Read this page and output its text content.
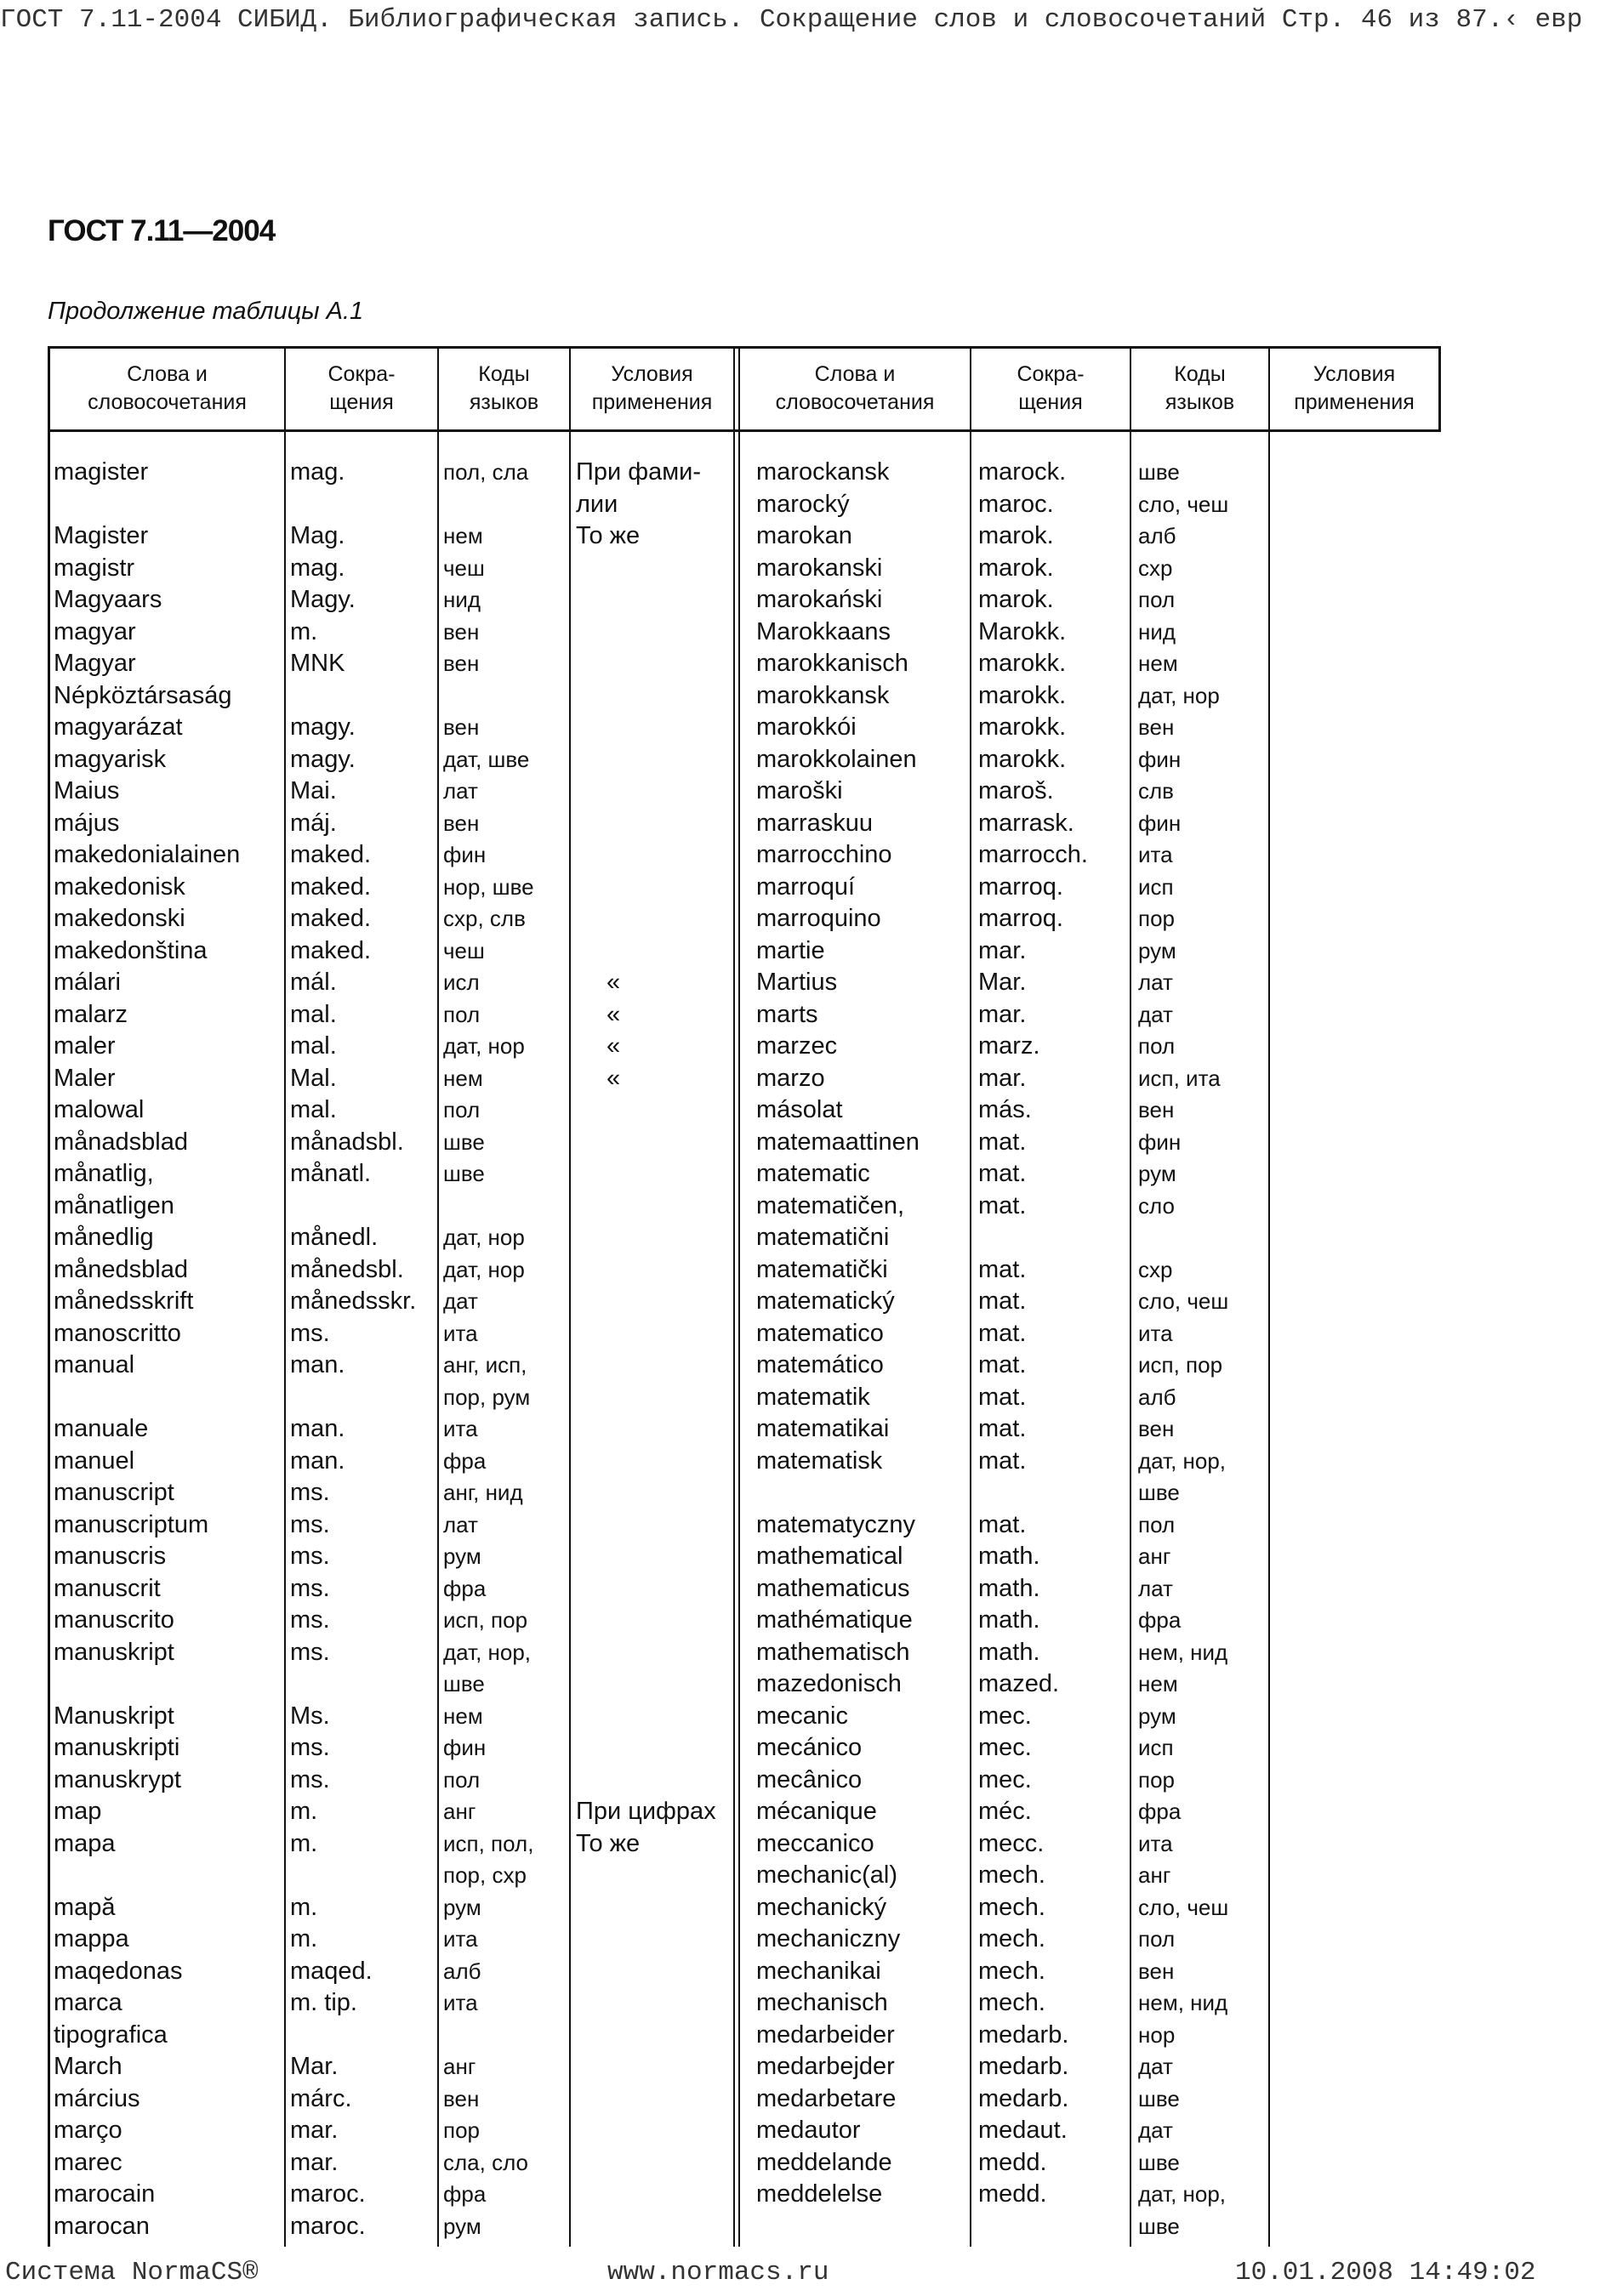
ГОСТ 7.11-2004 СИБИД. Библиографическая запись. Сокращение слов и словосочетаний Стр. 46 из 87.‹ евр
ГОСТ 7.11—2004
Продолжение таблицы А.1
Слова и
словосочетания
Сокра-
щения
Коды
языков
Условия
применения
Слова и
словосочетания
Сокра-
щения
Коды
языков
Условия
применения
magister
Magister
magistr
Magyaars
magyar
Magyar
Népköztársaság
magyarázat
magyarisk
Maius
május
makedonialainen
makedonisk
makedonski
makedonština
málari
malarz
maler
Maler
malowal
månadsblad
månatlig,
månatligen
månedlig
månedsblad
månedsskrift
manoscritto
manual
manuale
manuel
manuscript
manuscriptum
manuscris
manuscrit
manuscrito
manuskript
Manuskript
manuskripti
manuskrypt
map
mapa
mapă
mappa
maqedonas
marca
tipografica
March
március
março
marec
marocain
marocan
mag.
Mag.
mag.
Magy.
m.
MNK
magy.
magy.
Mai.
máj.
maked.
maked.
maked.
maked.
mál.
mal.
mal.
Mal.
mal.
månadsbl.
månatl.
månedl.
månedsbl.
månedsskr.
ms.
man.
man.
man.
ms.
ms.
ms.
ms.
ms.
ms.
Ms.
ms.
ms.
m.
m.
m.
m.
maqed.
m. tip.
Mar.
márc.
mar.
mar.
maroc.
maroc.
пол, сла
нем
чеш
нид
вен
вен
вен
дат, шве
лат
вен
фин
нор, шве
схр, слв
чеш
исл
пол
дат, нор
нем
пол
шве
шве
дат, нор
дат, нор
дат
ита
анг, исп,
пор, рум
ита
фра
анг, нид
лат
рум
фра
исп, пор
дат, нор,
шве
нем
фин
пол
анг
исп, пол,
пор, схр
рум
ита
алб
ита
анг
вен
пор
сла, сло
фра
рум
При фами-
лии
То же
«
«
«
«
При цифрах
То же
marockansk
marocký
marokan
marokanski
marokański
Marokkaans
marokkanisch
marokkansk
marokkói
marokkolainen
maroški
marraskuu
marrocchino
marroquí
marroquino
martie
Martius
marts
marzec
marzo
másolat
matemaattinen
matematic
matematičen,
matematični
matematički
matematický
matematico
matemático
matematik
matematikai
matematisk
matematyczny
mathematical
mathematicus
mathématique
mathematisch
mazedonisch
mecanic
mecánico
mecânico
mécanique
meccanico
mechanic(al)
mechanický
mechaniczny
mechanikai
mechanisch
medarbeider
medarbejder
medarbetare
medautor
meddelande
meddelelse
marock.
maroc.
marok.
marok.
marok.
Marokk.
marokk.
marokk.
marokk.
marokk.
maroš.
marrask.
marrocch.
marroq.
marroq.
mar.
Mar.
mar.
marz.
mar.
más.
mat.
mat.
mat.
mat.
mat.
mat.
mat.
mat.
mat.
mat.
mat.
math.
math.
math.
math.
mazed.
mec.
mec.
mec.
méc.
mecc.
mech.
mech.
mech.
mech.
mech.
medarb.
medarb.
medarb.
medaut.
medd.
medd.
шве
сло, чеш
алб
схр
пол
нид
нем
дат, нор
вен
фин
слв
фин
ита
исп
пор
рум
лат
дат
пол
исп, ита
вен
фин
рум
сло
схр
сло, чеш
ита
исп, пор
алб
вен
дат, нор,
шве
пол
анг
лат
фра
нем, нид
нем
рум
исп
пор
фра
ита
анг
сло, чеш
пол
вен
нем, нид
нор
дат
шве
дат
шве
дат, нор,
шве
Система NormaCS®	www.normacs.ru	10.01.2008 14:49:02
